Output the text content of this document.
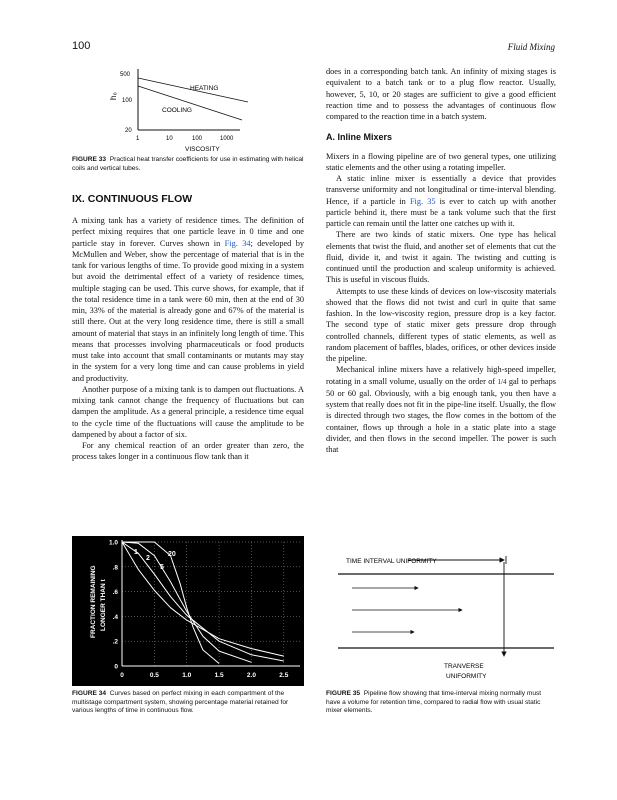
100	Fluid Mixing
h₀
500
100
20
HEATING
COOLING
1	10	100	1000
VISCOSITY
FIGURE 33 Practical heat transfer coefficients for use in estimating with helical coils and vertical tubes.
IX. CONTINUOUS FLOW

A mixing tank has a variety of residence times. The definition of perfect mixing requires that one particle leave in 0 time and one particle stay in forever. Curves shown in Fig. 34; developed by McMullen and Weber, show the percentage of material that is in the tank for various lengths of time. To provide good mixing in a system but avoid the detrimental effect of a variety of residence times, multiple staging can be used. This curve shows, for example, that if the total residence time in a tank were 60 min, then at the end of 30 min, 33% of the material is already gone and 67% of the material is still there. Out at the very long residence time, there is still a small amount of material that stays in an infinitely long length of time. This means that processes involving pharmaceuticals or food products must take into account that small contaminants or mutants may stay in the system for a very long time and can cause problems in yield and productivity.

Another purpose of a mixing tank is to dampen out fluctuations. A mixing tank cannot change the frequency of fluctuations but can dampen the amplitude. As a general principle, a residence time equal to the cycle time of the fluctuations will cause the amplitude to be dampened by about a factor of six.

For any chemical reaction of an order greater than zero, the process takes longer in a continuous flow tank than it

does in a corresponding batch tank. An infinity of mixing stages is equivalent to a batch tank or to a plug flow reactor. Usually, however, 5, 10, or 20 stages are sufficient to give a good efficient reaction time and to possess the advantages of continuous flow compared to the reaction time in a batch system.

A. Inline Mixers

Mixers in a flowing pipeline are of two general types, one utilizing static elements and the other using a rotating impeller.

A static inline mixer is essentially a device that provides transverse uniformity and not longitudinal or time-interval blending. Hence, if a particle in Fig. 35 is ever to catch up with another particle behind it, there must be a tank volume such that the first particle can remain until the latter one catches up with it.

There are two kinds of static mixers. One type has helical elements that twist the fluid, and another set of elements that cut the fluid, divide it, and twist it again. The twisting and cutting is continued until the production and scaleup uniformity is achieved. This is useful in viscous fluids.

Attempts to use these kinds of devices on low-viscosity materials showed that the flows did not twist and curl in quite that same fashion. In the low-viscosity region, pressure drop is a key factor. The second type of static mixer gets pressure drop through controlled channels, different types of static elements, as well as random placement of baffles, blades, orifices, or other devices inside the pipeline.

Mechanical inline mixers have a relatively high-speed impeller, rotating in a small volume, usually on the order of 1/4 gal to perhaps 50 or 60 gal. Obviously, with a big enough tank, you then have a system that really does not fit in the pipe-line itself. Usually, the flow is directed through two stages, the flow comes in the bottom of the container, flows up through a hole in a static plate into a stage divider, and then flows in the second impeller. The power is such that

FRACTION REMAINING LONGER THAN t
1.0
.8
.6
.4
.2
0
0	0.5	1.0	1.5	2.0	2.5
20
5
2
1
FIGURE 34 Curves based on perfect mixing in each compartment of the multistage compartment system, showing percentage material retained for various lengths of time in continuous flow.
TIME INTERVAL UNIFORMITY
TRANVERSE
UNIFORMITY
FIGURE 35 Pipeline flow showing that time-interval mixing normally must have a volume for retention time, compared to radial flow with usual static mixer elements.
